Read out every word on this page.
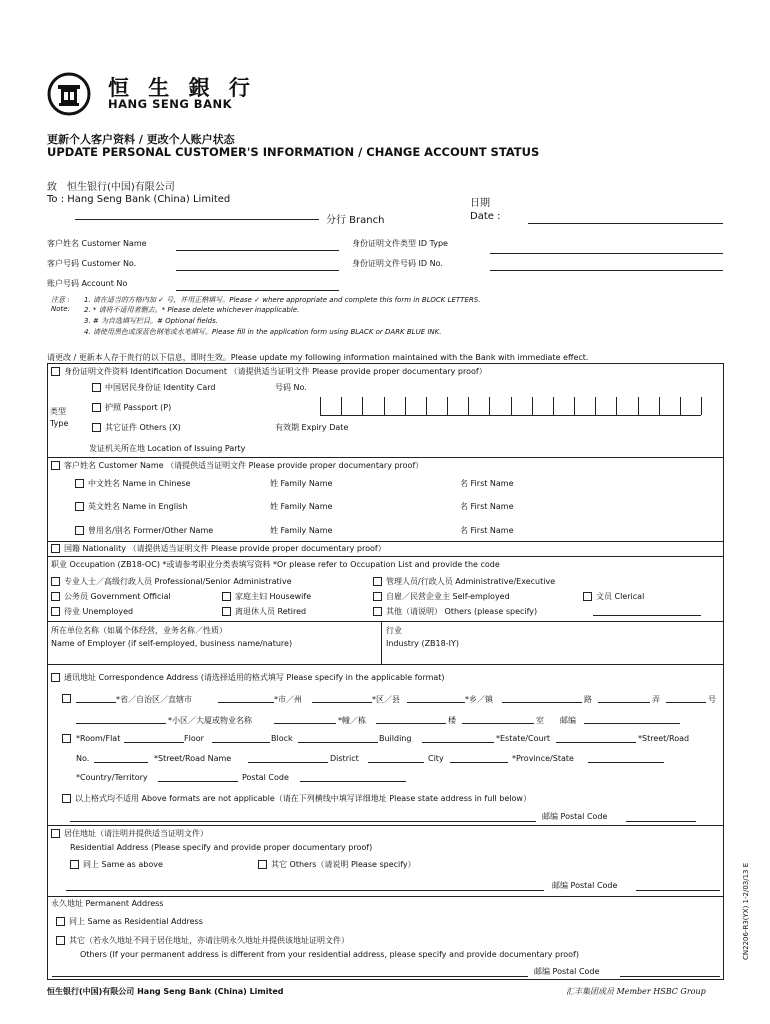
恒 生 銀 行
HANG SENG BANK
更新个人客户资料 / 更改个人账户状态
UPDATE PERSONAL CUSTOMER'S INFORMATION / CHANGE ACCOUNT STATUS
致　恒生银行(中国)有限公司
To : Hang Seng Bank (China) Limited
分行 Branch
日期
Date :
客户姓名 Customer Name
客户号码 Customer No.
账户号码 Account No
身份证明文件类型 ID Type
身份证明文件号码 ID No.
注意 :
Note:
1. 请在适当的方格内加 ✓ 号，并用正楷填写。Please ✓ where appropriate and complete this form in BLOCK LETTERS.
2. * 请将不适用者删去。* Please delete whichever inapplicable.
3. # 为自选填写栏目。# Optional fields.
4. 请使用黑色或深蓝色钢笔或水笔填写。Please fill in the application form using BLACK or DARK BLUE INK.
请更改 / 更新本人存于贵行的以下信息，即时生效。Please update my following information maintained with the Bank with immediate effect.
身份证明文件资料 Identification Document （请提供适当证明文件 Please provide proper documentary proof）
中国居民身份证 Identity Card	号码 No.
类型
Type
护照 Passport (P)
其它证件 Others (X)	有效期 Expiry Date
发证机关所在地 Location of Issuing Party
客户姓名 Customer Name （请提供适当证明文件 Please provide proper documentary proof）
中文姓名 Name in Chinese	姓 Family Name	名 First Name
英文姓名 Name in English	姓 Family Name	名 First Name
曾用名/别名 Former/Other Name	姓 Family Name	名 First Name
国籍 Nationality （请提供适当证明文件 Please provide proper documentary proof）
职业 Occupation (ZB18-OC) *或请参考职业分类表填写资料 *Or please refer to Occupation List and provide the code
专业人士／高级行政人员 Professional/Senior Administrative	管理人员/行政人员 Administrative/Executive
公务员 Government Official	家庭主妇 Housewife	自雇／民营企业主 Self-employed	文员 Clerical
待业 Unemployed	离退休人员 Retired	其他（请说明） Others (please specify)
所在单位名称（如属个体经营，业务名称／性质）
Name of Employer (if self-employed, business name/nature)
行业
Industry (ZB18-IY)
通讯地址 Correspondence Address (请选择适用的格式填写 Please specify in the applicable format)
*省／自治区／直辖市	*市／州	*区／县	*乡／镇	路	弄	号
*小区／大厦或物业名称	*幢／栋	楼	室 邮编
*Room/Flat	Floor	Block	Building	*Estate/Court	*Street/Road
No.	*Street/Road Name	District	City	*Province/State
*Country/Territory	Postal Code
以上格式均不适用 Above formats are not applicable（请在下列横线中填写详细地址 Please state address in full below）
邮编 Postal Code
居住地址（请注明并提供适当证明文件）
Residential Address (Please specify and provide proper documentary proof)
同上 Same as above	其它 Others（请说明 Please specify）
邮编 Postal Code
永久地址 Permanent Address
同上 Same as Residential Address
其它（若永久地址不同于居住地址，亦请注明永久地址并提供该地址证明文件）
Others (If your permanent address is different from your residential address, please specify and provide documentary proof)
邮编 Postal Code
CN2206-R3(YX) 1-2/03/13 E
恒生银行(中国)有限公司 Hang Seng Bank (China) Limited	汇丰集团成员 Member HSBC Group
